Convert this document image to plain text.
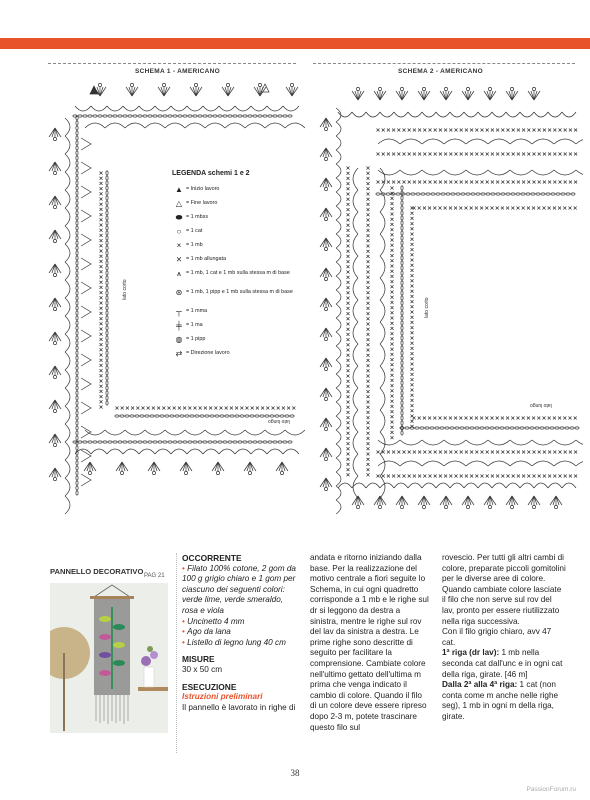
SCHEMA 1 - AMERICANO	SCHEMA 2 - AMERICANO
lato corto
lato lungo
lato corto
lato lungo
LEGENDA schemi 1 e 2
▲ = Inizio lavoro
△ = Fine lavoro
⬬ = 1 mbss
○ = 1 cat
× = 1 mb
⨯ = 1 mb allungata
⩚ = 1 mb, 1 cat e 1 mb sulla stessa m di base
⊛ = 1 mb, 1 pipp e 1 mb sulla stessa m di base
┬ = 1 mma
╪ = 1 ma
◍ = 1 pipp
⇄ = Direzione lavoro
PANNELLO DECORATIVO PAG 21
OCCORRENTE
• Filato 100% cotone, 2 gom da 100 g grigio chiaro e 1 gom per ciascuno dei seguenti colori: verde lime, verde smeraldo, rosa e viola
• Uncinetto 4 mm
• Ago da lana
• Listello di legno lung 40 cm
MISURE
30 x 50 cm
ESECUZIONE
Istruzioni preliminari
Il pannello è lavorato in righe di
andata e ritorno iniziando dalla base. Per la realizzazione del motivo centrale a fiori seguite lo Schema, in cui ogni quadretto corrisponde a 1 mb e le righe sul dr si leggono da destra a sinistra, mentre le righe sul rov del lav da sinistra a destra. Le prime righe sono descritte di seguito per facilitare la comprensione. Cambiate colore nell'ultimo gettato dell'ultima m prima che venga indicato il cambio di colore. Quando il filo di un colore deve essere ripreso dopo 2-3 m, potete trascinare questo filo sul
rovescio. Per tutti gli altri cambi di colore, preparate piccoli gomitolini per le diverse aree di colore. Quando cambiate colore lasciate il filo che non serve sul rov del lav, pronto per essere riutilizzato nella riga successiva.
Con il filo grigio chiaro, avv 47 cat.
1ª riga (dr lav): 1 mb nella seconda cat dall'unc e in ogni cat della riga, girate. [46 m]
Dalla 2ª alla 4ª riga: 1 cat (non conta come m anche nelle righe seg), 1 mb in ogni m della riga, girate.
38
PassionForum.ru
